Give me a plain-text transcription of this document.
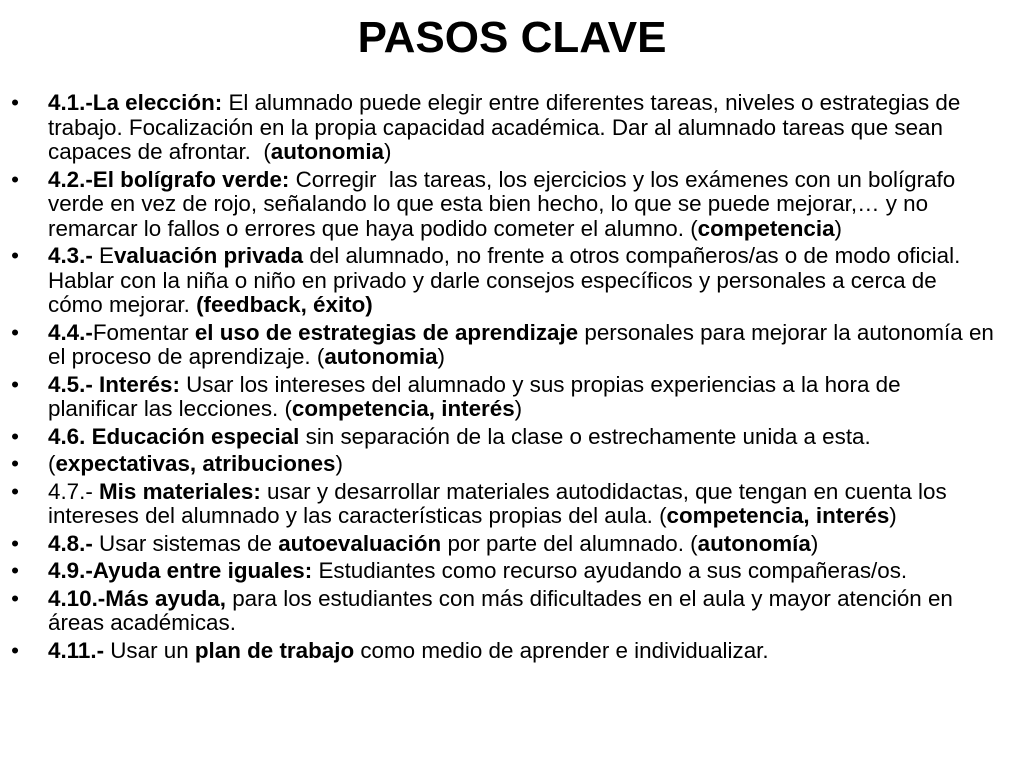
PASOS CLAVE
• 4.1.-La elección: El alumnado puede elegir entre diferentes tareas, niveles o estrategias de trabajo. Focalización en la propia capacidad académica. Dar al alumnado tareas que sean capaces de afrontar.  (autonomia)
• 4.2.-El bolígrafo verde: Corregir  las tareas, los ejercicios y los exámenes con un bolígrafo verde en vez de rojo, señalando lo que esta bien hecho, lo que se puede mejorar,… y no remarcar lo fallos o errores que haya podido cometer el alumno. (competencia)
• 4.3.- Evaluación privada del alumnado, no frente a otros compañeros/as o de modo oficial. Hablar con la niña o niño en privado y darle consejos específicos y personales a cerca de cómo mejorar. (feedback, éxito)
• 4.4.-Fomentar el uso de estrategias de aprendizaje personales para mejorar la autonomía en el proceso de aprendizaje. (autonomia)
• 4.5.- Interés: Usar los intereses del alumnado y sus propias experiencias a la hora de planificar las lecciones. (competencia, interés)
• 4.6. Educación especial sin separación de la clase o estrechamente unida a esta.
• (expectativas, atribuciones)
• 4.7.- Mis materiales: usar y desarrollar materiales autodidactas, que tengan en cuenta los intereses del alumnado y las características propias del aula. (competencia, interés)
• 4.8.- Usar sistemas de autoevaluación por parte del alumnado. (autonomía)
• 4.9.-Ayuda entre iguales: Estudiantes como recurso ayudando a sus compañeras/os.
• 4.10.-Más ayuda, para los estudiantes con más dificultades en el aula y mayor atención en áreas académicas.
• 4.11.- Usar un plan de trabajo como medio de aprender e individualizar.
